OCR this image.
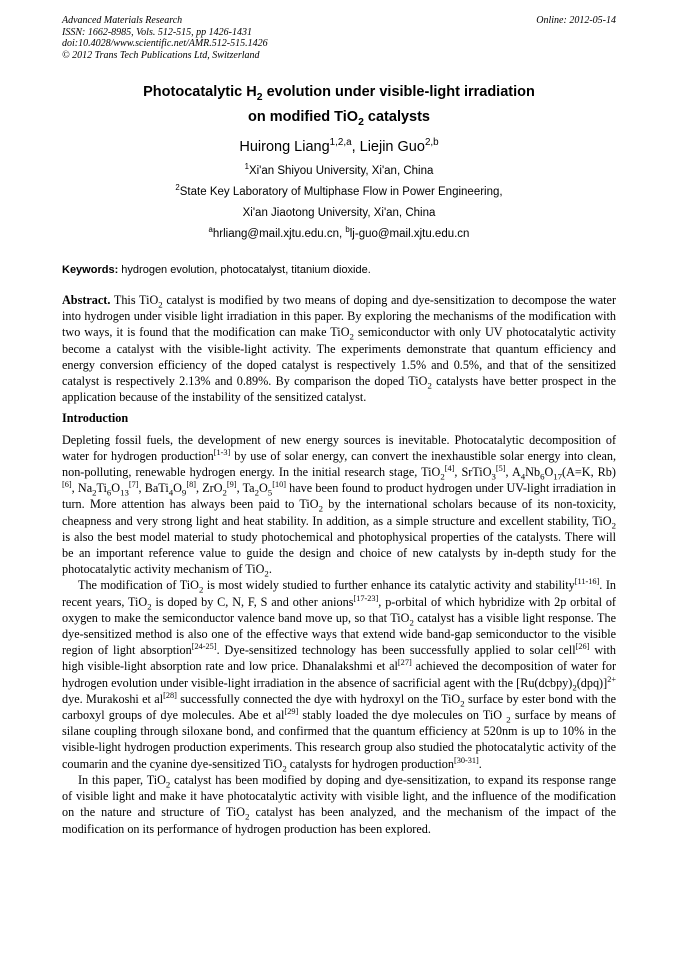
Advanced Materials Research
ISSN: 1662-8985, Vols. 512-515, pp 1426-1431
doi:10.4028/www.scientific.net/AMR.512-515.1426
© 2012 Trans Tech Publications Ltd, Switzerland
Online: 2012-05-14
Photocatalytic $H_2$ evolution under visible-light irradiation
on modified TiO$_2$ catalysts
Huirong Liang$^{1,2,a}$, Liejin Guo$^{2,b}$

$^1$Xi'an Shiyou University, Xi'an, China

$^2$State Key Laboratory of Multiphase Flow in Power Engineering,

Xi'an Jiaotong University, Xi'an, China

$^a$hrliang@mail.xjtu.edu.cn, $^b$lj-guo@mail.xjtu.edu.cn

Keywords: hydrogen evolution, photocatalyst, titanium dioxide.

Abstract. This TiO$_2$ catalyst is modified by two means of doping and dye-sensitization to decompose the water into hydrogen under visible light irradiation in this paper. By exploring the mechanisms of the modification with two ways, it is found that the modification can make TiO$_2$ semiconductor with only UV photocatalytic activity become a catalyst with the visible-light activity. The experiments demonstrate that quantum efficiency and energy conversion efficiency of the doped catalyst is respectively 1.5% and 0.5%, and that of the sensitized catalyst is respectively 2.13% and 0.89%. By comparison the doped TiO$_2$ catalysts have better prospect in the application because of the instability of the sensitized catalyst.

Introduction

Depleting fossil fuels, the development of new energy sources is inevitable. Photocatalytic decomposition of water for hydrogen production[1-3] by use of solar energy, can convert the inexhaustible solar energy into clean, non-polluting, renewable hydrogen energy. In the initial research stage, TiO$_2$[4], SrTiO$_3$[5], $A_4Nb_6O_{17}(A=K$, Rb)[6], $Na_2Ti_6O_{13}[7]$, $BaTi_4O_9[8]$, ZrO$_2$[9], $Ta_2O_5[10]$ have been found to product hydrogen under UV-light irradiation in turn. More attention has always been paid to TiO$_2$ by the international scholars because of its non-toxicity, cheapness and very strong light and heat stability. In addition, as a simple structure and excellent stability, TiO$_2$ is also the best model material to study photochemical and photophysical properties of the catalysts. There will be an important reference value to guide the design and choice of new catalysts by in-depth study for the photocatalytic activity mechanism of TiO$_2$.

The modification of TiO$_2$ is most widely studied to further enhance its catalytic activity and stability[11-16]. In recent years, TiO$_2$ is doped by C, N, F, S and other anions[17-23], p-orbital of which hybridize with 2p orbital of oxygen to make the semiconductor valence band move up, so that TiO$_2$ catalyst has a visible light response. The dye-sensitized method is also one of the effective ways that extend wide band-gap semiconductor to the visible region of light absorption[24-25]. Dye-sensitized technology has been successfully applied to solar cell[26] with high visible-light absorption rate and low price. Dhanalakshmi et al[27] achieved the decomposition of water for hydrogen evolution under visible-light irradiation in the absence of sacrificial agent with the $[Ru(dcbpy)_2(dpq)]^{2+}$ dye. Murakoshi et al[28] successfully connected the dye with hydroxyl on the TiO$_2$ surface by ester bond with the carboxyl groups of dye molecules. Abe et al[29] stably loaded the dye molecules on TiO $_2$ surface by means of silane coupling through siloxane bond, and confirmed that the quantum efficiency at 520nm is up to 10% in the visible-light hydrogen production experiments. This research group also studied the photocatalytic activity of the coumarin and the cyanine dye-sensitized TiO$_2$ catalysts for hydrogen production[30-31].

In this paper, TiO$_2$ catalyst has been modified by doping and dye-sensitization, to expand its response range of visible light and make it have photocatalytic activity with visible light, and the influence of the modification on the nature and structure of TiO$_2$ catalyst has been analyzed, and the mechanism of the impact of the modification on its performance of hydrogen production has been explored.
